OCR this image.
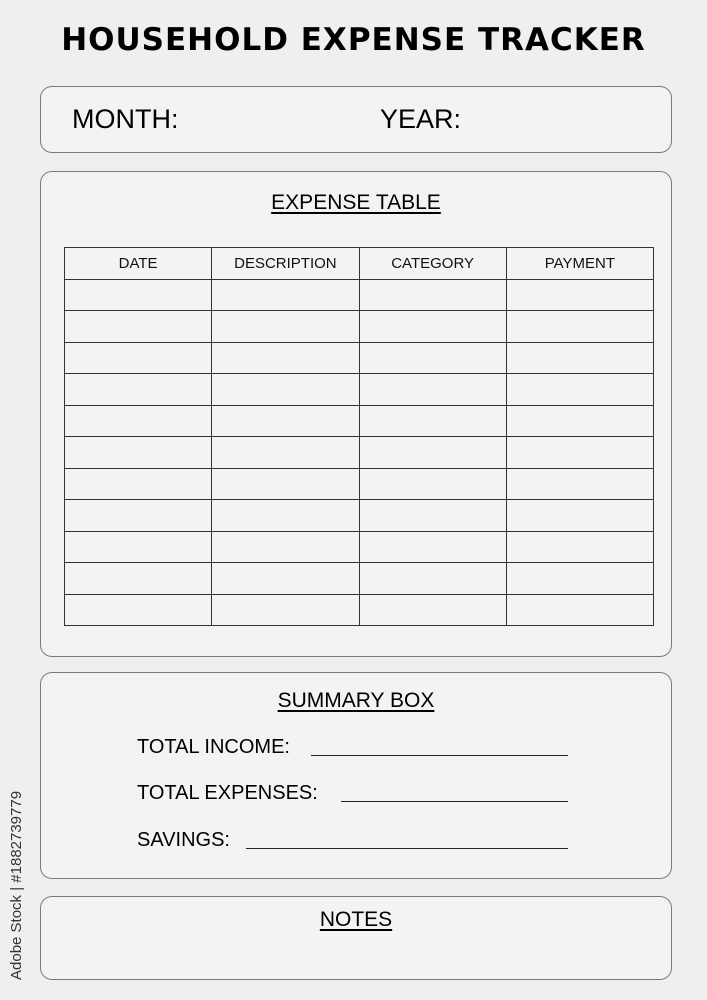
HOUSEHOLD EXPENSE TRACKER
MONTH:	YEAR:
EXPENSE TABLE
DATE	DESCRIPTION	CATEGORY	PAYMENT

SUMMARY BOX
TOTAL INCOME:
TOTAL EXPENSES:
SAVINGS:
NOTES
Adobe Stock | #188273977​9
